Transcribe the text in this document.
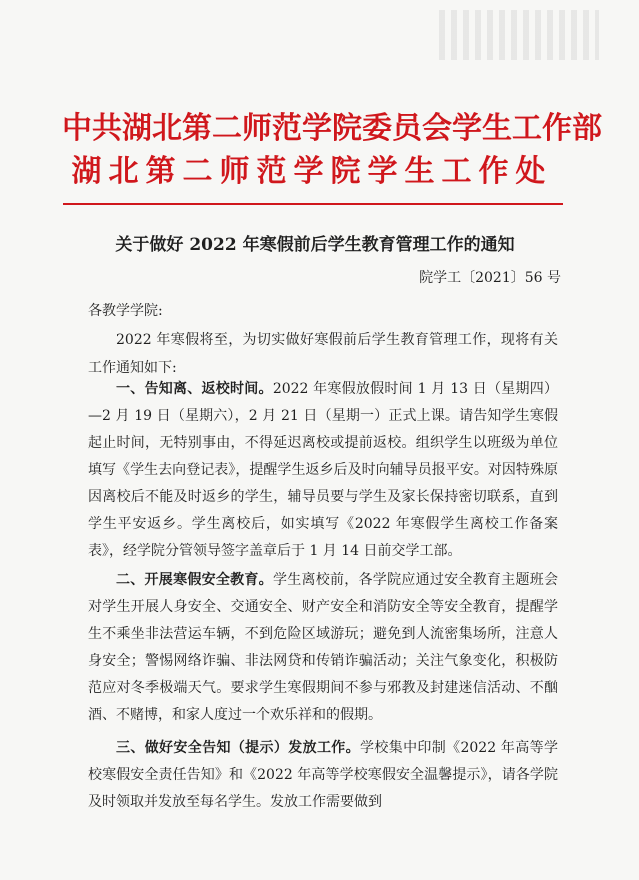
中共湖北第二师范学院委员会学生工作部
湖北第二师范学院学生工作处
关于做好 2022 年寒假前后学生教育管理工作的通知
院学工〔2021〕56 号
各教学学院:

2022 年寒假将至，为切实做好寒假前后学生教育管理工作，现将有关工作通知如下:

一、告知离、返校时间。2022 年寒假放假时间 1 月 13 日（星期四）—2 月 19 日（星期六），2 月 21 日（星期一）正式上课。请告知学生寒假起止时间，无特别事由，不得延迟离校或提前返校。组织学生以班级为单位填写《学生去向登记表》，提醒学生返乡后及时向辅导员报平安。对因特殊原因离校后不能及时返乡的学生，辅导员要与学生及家长保持密切联系，直到学生平安返乡。学生离校后，如实填写《2022 年寒假学生离校工作备案表》，经学院分管领导签字盖章后于 1 月 14 日前交学工部。

二、开展寒假安全教育。学生离校前，各学院应通过安全教育主题班会对学生开展人身安全、交通安全、财产安全和消防安全等安全教育，提醒学生不乘坐非法营运车辆，不到危险区域游玩；避免到人流密集场所，注意人身安全；警惕网络诈骗、非法网贷和传销诈骗活动；关注气象变化，积极防范应对冬季极端天气。要求学生寒假期间不参与邪教及封建迷信活动、不酗酒、不赌博，和家人度过一个欢乐祥和的假期。

三、做好安全告知（提示）发放工作。学校集中印制《2022 年高等学校寒假安全责任告知》和《2022 年高等学校寒假安全温馨提示》，请各学院及时领取并发放至每名学生。发放工作需要做到
